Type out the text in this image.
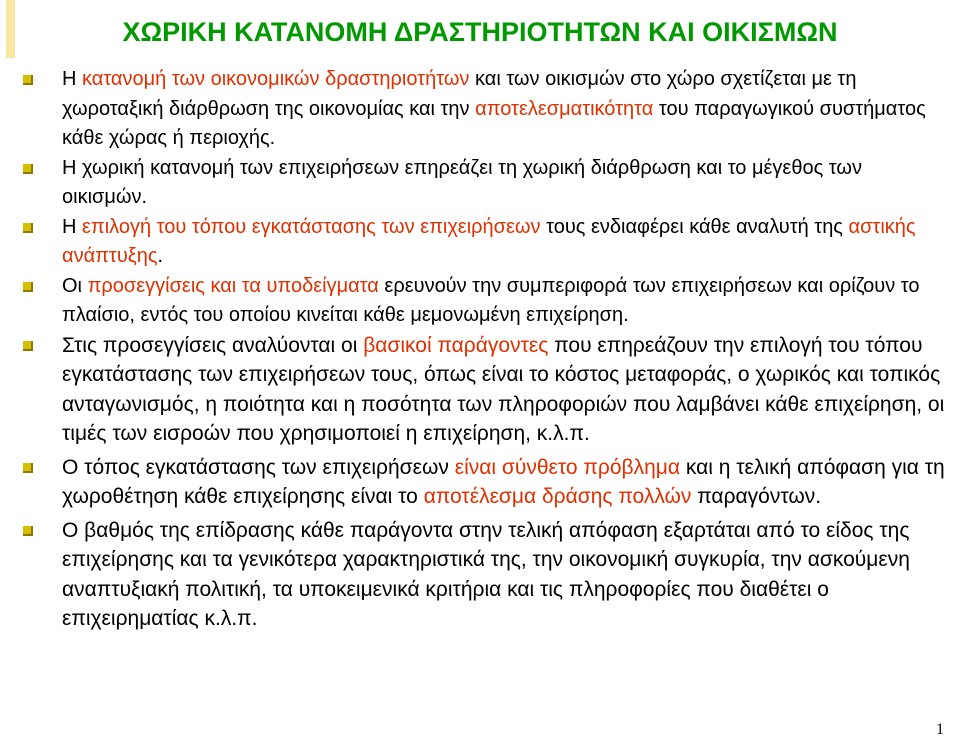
ΧΩΡΙΚΗ ΚΑΤΑΝΟΜΗ ΔΡΑΣΤΗΡΙΟΤΗΤΩΝ ΚΑΙ ΟΙΚΙΣΜΩΝ
Η κατανομή των οικονομικών δραστηριοτήτων και των οικισμών στο χώρο σχετίζεται με τη χωροταξική διάρθρωση της οικονομίας και την αποτελεσματικότητα του παραγωγικού συστήματος κάθε χώρας ή περιοχής.
Η χωρική κατανομή των επιχειρήσεων επηρεάζει τη χωρική διάρθρωση και το μέγεθος των οικισμών.
Η επιλογή του τόπου εγκατάστασης των επιχειρήσεων τους ενδιαφέρει κάθε αναλυτή της αστικής ανάπτυξης.
Οι προσεγγίσεις και τα υποδείγματα ερευνούν την συμπεριφορά των επιχειρήσεων και ορίζουν το πλαίσιο, εντός του οποίου κινείται κάθε μεμονωμένη επιχείρηση.
Στις προσεγγίσεις αναλύονται οι βασικοί παράγοντες που επηρεάζουν την επιλογή του τόπου εγκατάστασης των επιχειρήσεων τους, όπως είναι το κόστος μεταφοράς, ο χωρικός και τοπικός ανταγωνισμός, η ποιότητα και η ποσότητα των πληροφοριών που λαμβάνει κάθε επιχείρηση, οι τιμές των εισροών που χρησιμοποιεί η επιχείρηση, κ.λ.π.
Ο τόπος εγκατάστασης των επιχειρήσεων είναι σύνθετο πρόβλημα και η τελική απόφαση για τη χωροθέτηση κάθε επιχείρησης είναι το αποτέλεσμα δράσης πολλών παραγόντων.
Ο βαθμός της επίδρασης κάθε παράγοντα στην τελική απόφαση εξαρτάται από το είδος της επιχείρησης και τα γενικότερα χαρακτηριστικά της, την οικονομική συγκυρία, την ασκούμενη αναπτυξιακή πολιτική, τα υποκειμενικά κριτήρια και τις πληροφορίες που διαθέτει ο επιχειρηματίας κ.λ.π.
1
